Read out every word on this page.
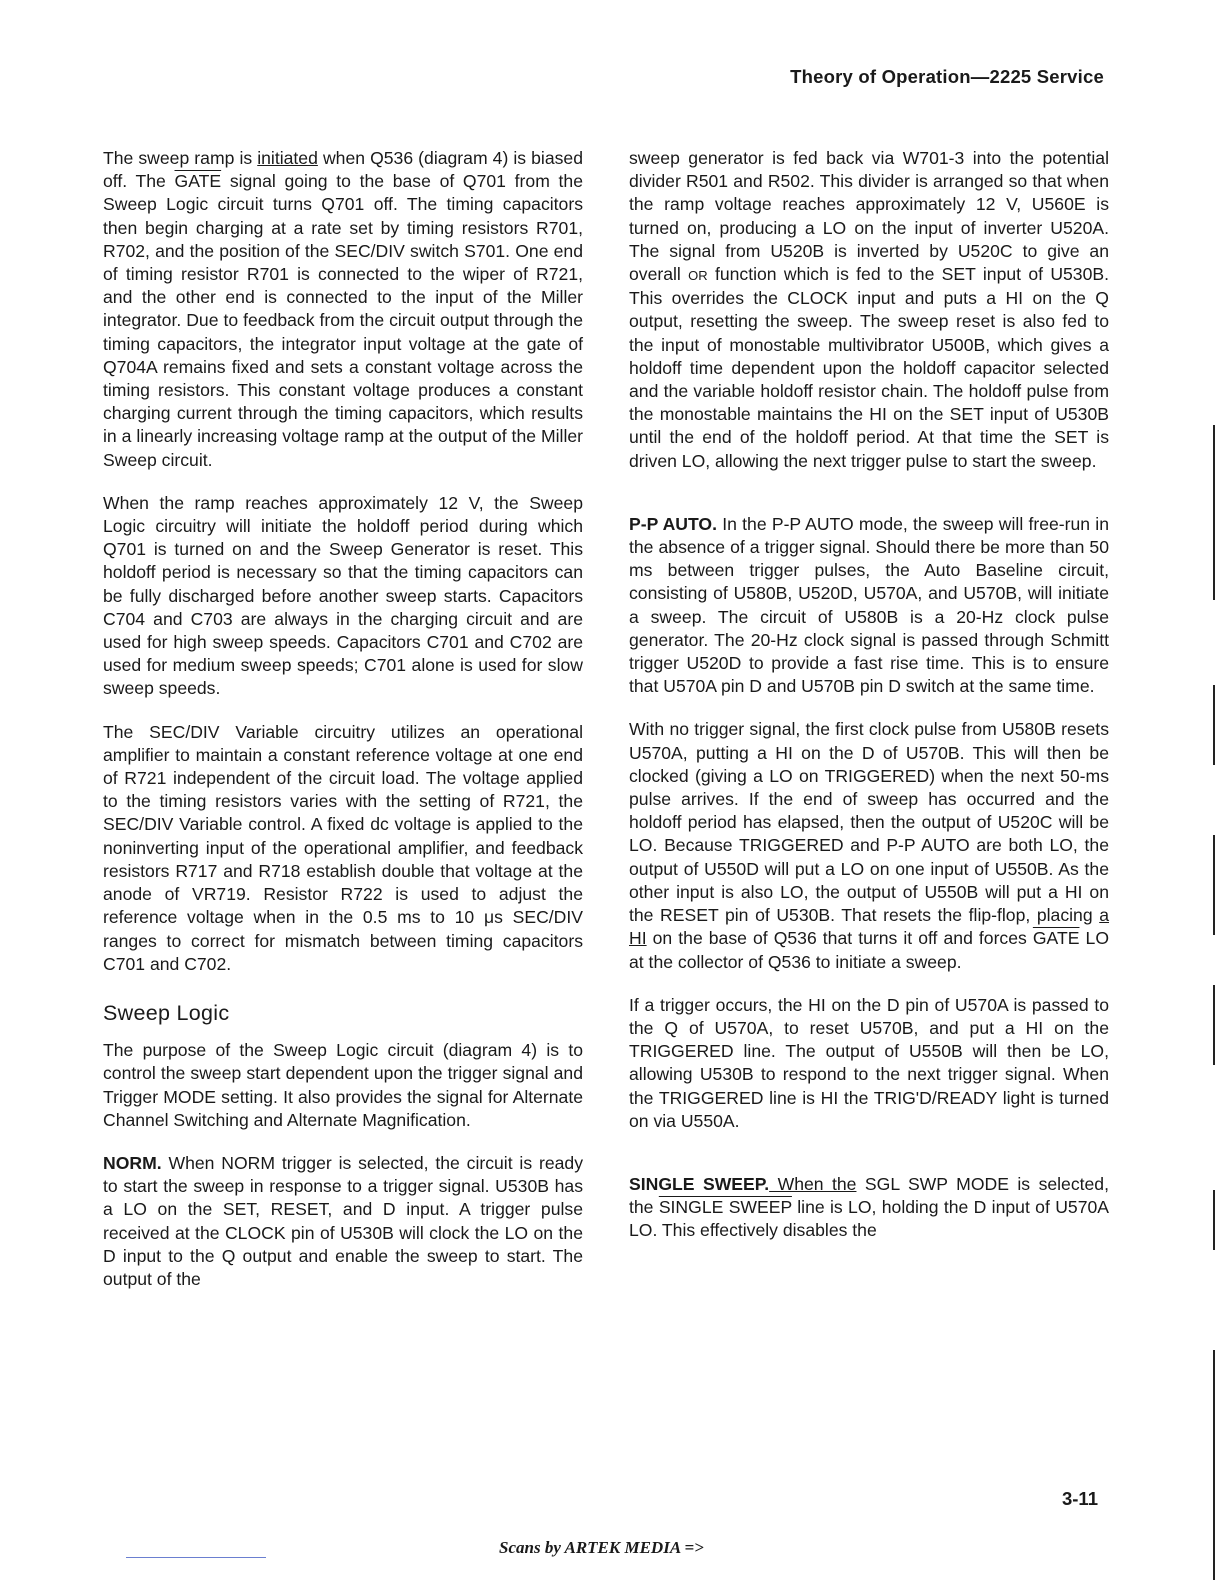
Theory of Operation—2225 Service

The sweep ramp is initiated when Q536 (diagram 4) is biased off. The GATE signal going to the base of Q701 from the Sweep Logic circuit turns Q701 off. The timing capacitors then begin charging at a rate set by timing resistors R701, R702, and the position of the SEC/DIV switch S701. One end of timing resistor R701 is connected to the wiper of R721, and the other end is connected to the input of the Miller integrator. Due to feedback from the circuit output through the timing capacitors, the integrator input voltage at the gate of Q704A remains fixed and sets a constant voltage across the timing resistors. This constant voltage produces a constant charging current through the timing capacitors, which results in a linearly increasing voltage ramp at the output of the Miller Sweep circuit.

When the ramp reaches approximately 12 V, the Sweep Logic circuitry will initiate the holdoff period during which Q701 is turned on and the Sweep Generator is reset. This holdoff period is necessary so that the timing capacitors can be fully discharged before another sweep starts. Capacitors C704 and C703 are always in the charging circuit and are used for high sweep speeds. Capacitors C701 and C702 are used for medium sweep speeds; C701 alone is used for slow sweep speeds.

The SEC/DIV Variable circuitry utilizes an operational amplifier to maintain a constant reference voltage at one end of R721 independent of the circuit load. The voltage applied to the timing resistors varies with the setting of R721, the SEC/DIV Variable control. A fixed dc voltage is applied to the noninverting input of the operational amplifier, and feedback resistors R717 and R718 establish double that voltage at the anode of VR719. Resistor R722 is used to adjust the reference voltage when in the 0.5 ms to 10 μs SEC/DIV ranges to correct for mismatch between timing capacitors C701 and C702.

Sweep Logic

The purpose of the Sweep Logic circuit (diagram 4) is to control the sweep start dependent upon the trigger signal and Trigger MODE setting. It also provides the signal for Alternate Channel Switching and Alternate Magnification.

NORM. When NORM trigger is selected, the circuit is ready to start the sweep in response to a trigger signal. U530B has a LO on the SET, RESET, and D input. A trigger pulse received at the CLOCK pin of U530B will clock the LO on the D input to the Q output and enable the sweep to start. The output of the

sweep generator is fed back via W701-3 into the potential divider R501 and R502. This divider is arranged so that when the ramp voltage reaches approximately 12 V, U560E is turned on, producing a LO on the input of inverter U520A. The signal from U520B is inverted by U520C to give an overall OR function which is fed to the SET input of U530B. This overrides the CLOCK input and puts a HI on the Q output, resetting the sweep. The sweep reset is also fed to the input of monostable multivibrator U500B, which gives a holdoff time dependent upon the holdoff capacitor selected and the variable holdoff resistor chain. The holdoff pulse from the monostable maintains the HI on the SET input of U530B until the end of the holdoff period. At that time the SET is driven LO, allowing the next trigger pulse to start the sweep.

P-P AUTO. In the P-P AUTO mode, the sweep will free-run in the absence of a trigger signal. Should there be more than 50 ms between trigger pulses, the Auto Baseline circuit, consisting of U580B, U520D, U570A, and U570B, will initiate a sweep. The circuit of U580B is a 20-Hz clock pulse generator. The 20-Hz clock signal is passed through Schmitt trigger U520D to provide a fast rise time. This is to ensure that U570A pin D and U570B pin D switch at the same time.

With no trigger signal, the first clock pulse from U580B resets U570A, putting a HI on the D of U570B. This will then be clocked (giving a LO on TRIGGERED) when the next 50-ms pulse arrives. If the end of sweep has occurred and the holdoff period has elapsed, then the output of U520C will be LO. Because TRIGGERED and P-P AUTO are both LO, the output of U550D will put a LO on one input of U550B. As the other input is also LO, the output of U550B will put a HI on the RESET pin of U530B. That resets the flip-flop, placing a HI on the base of Q536 that turns it off and forces GATE LO at the collector of Q536 to initiate a sweep.

If a trigger occurs, the HI on the D pin of U570A is passed to the Q of U570A, to reset U570B, and put a HI on the TRIGGERED line. The output of U550B will then be LO, allowing U530B to respond to the next trigger signal. When the TRIGGERED line is HI the TRIG'D/READY light is turned on via U550A.

SINGLE SWEEP. When the SGL SWP MODE is selected, the SINGLE SWEEP line is LO, holding the D input of U570A LO. This effectively disables the

3-11
Scans by ARTEK MEDIA =>
